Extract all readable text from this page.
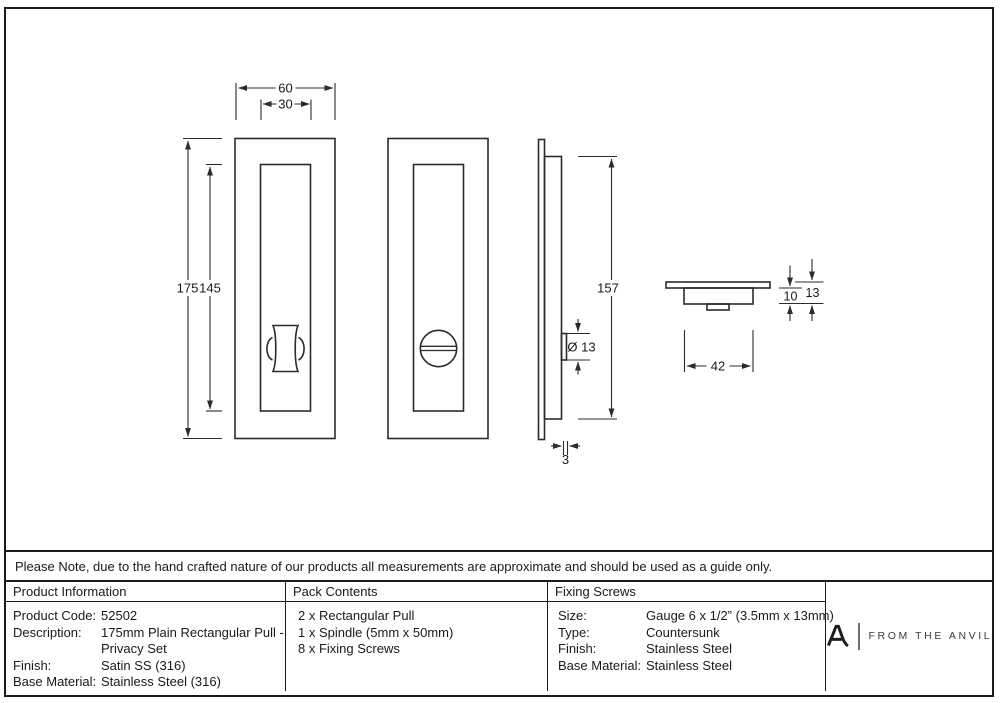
60
30
175 145	157
Ø 13
3
42
10 13
Please Note, due to the hand crafted nature of our products all measurements are approximate and should be used as a guide only.
Product Information	Pack Contents	Fixing Screws
FROM THE ANVIL
Product Code: 52502
Description:	175mm Plain Rectangular Pull -
Privacy Set
Finish:	Satin SS (316)
Base Material: Stainless Steel (316)
2 x Rectangular Pull
1 x Spindle (5mm x 50mm)
8 x Fixing Screws
Size:	Gauge 6 x 1/2” (3.5mm x 13mm)
Type:	Countersunk
Finish:	Stainless Steel
Base Material: Stainless Steel
